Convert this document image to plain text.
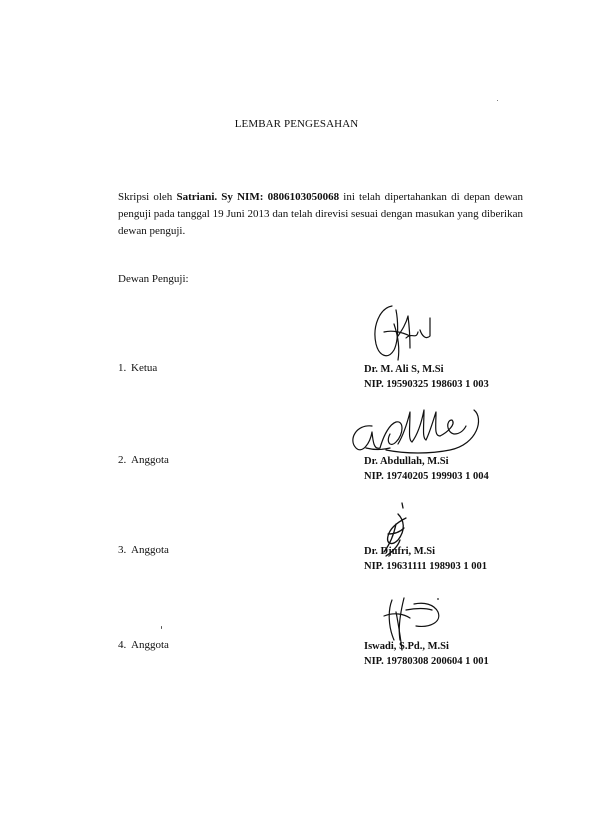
LEMBAR PENGESAHAN
Skripsi oleh Satriani. Sy NIM: 0806103050068 ini telah dipertahankan di depan dewan penguji pada tanggal 19 Juni 2013 dan telah direvisi sesuai dengan masukan yang diberikan dewan penguji.
Dewan Penguji:
1. Ketua	Dr. M. Ali S, M.Si
NIP. 19590325 198603 1 003
2. Anggota	Dr. Abdullah, M.Si
NIP. 19740205 199903 1 004
3. Anggota	Dr. Djufri, M.Si
NIP. 19631111 198903 1 001
4. Anggota	Iswadi, S.Pd., M.Si
NIP. 19780308 200604 1 001
